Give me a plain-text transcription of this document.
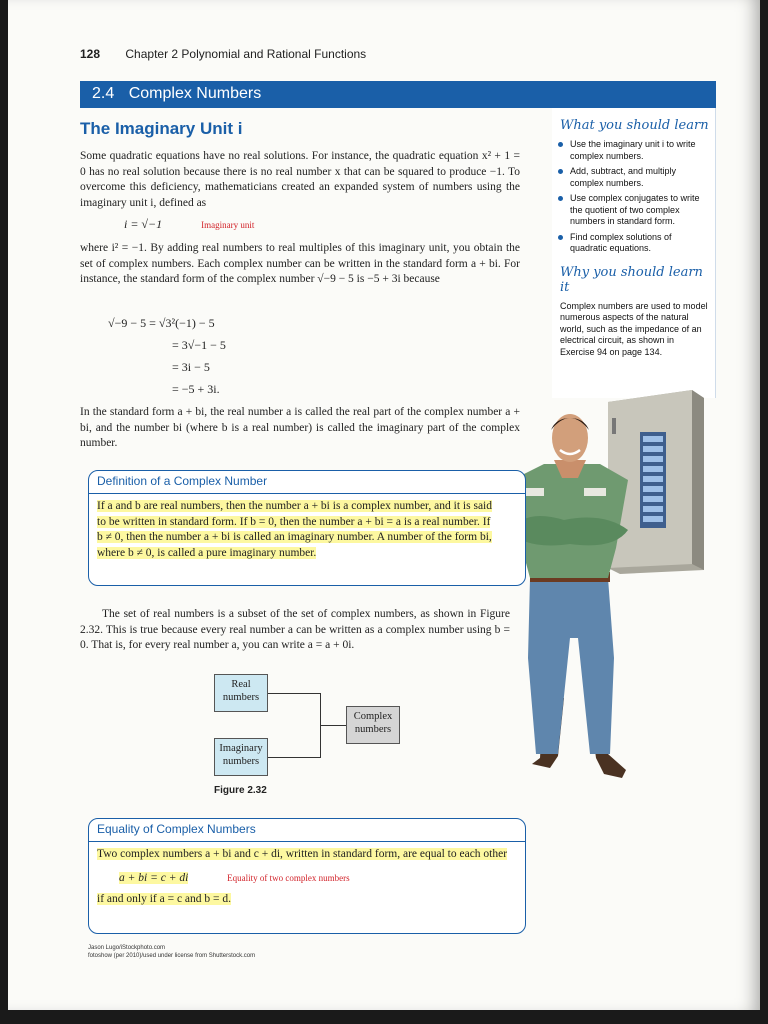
128 Chapter 2 Polynomial and Rational Functions
2.4 Complex Numbers
The Imaginary Unit i

Some quadratic equations have no real solutions. For instance, the quadratic equation x² + 1 = 0 has no real solution because there is no real number x that can be squared to produce −1. To overcome this deficiency, mathematicians created an expanded system of numbers using the imaginary unit i, defined as

i = √−1	Imaginary unit

where i² = −1. By adding real numbers to real multiples of this imaginary unit, you obtain the set of complex numbers. Each complex number can be written in the standard form a + bi. For instance, the standard form of the complex number √−9 − 5 is −5 + 3i because

√−9 − 5 = √3²(−1) − 5
= 3√−1 − 5
= 3i − 5
= −5 + 3i.

In the standard form a + bi, the real number a is called the real part of the complex number a + bi, and the number bi (where b is a real number) is called the imaginary part of the complex number.

What you should learn
Use the imaginary unit i to write complex numbers.
Add, subtract, and multiply complex numbers.
Use complex conjugates to write the quotient of two complex numbers in standard form.
Find complex solutions of quadratic equations.
Why you should learn it

Complex numbers are used to model numerous aspects of the natural world, such as the impedance of an electrical circuit, as shown in Exercise 94 on page 134.

Definition of a Complex Number
If a and b are real numbers, then the number a + bi is a complex number, and it is said to be written in standard form. If b = 0, then the number a + bi = a is a real number. If b ≠ 0, then the number a + bi is called an imaginary number. A number of the form bi, where b ≠ 0, is called a pure imaginary number.

The set of real numbers is a subset of the set of complex numbers, as shown in Figure 2.32. This is true because every real number a can be written as a complex number using b = 0. That is, for every real number a, you can write a = a + 0i.

Real numbers
Imaginary numbers
Complex numbers
Figure 2.32
Equality of Complex Numbers
Two complex numbers a + bi and c + di, written in standard form, are equal to each other
a + bi = c + di	Equality of two complex numbers
if and only if a = c and b = d.
Jason Lugo/iStockphoto.com
fotoshow (per 2010)/used under license from Shutterstock.com
